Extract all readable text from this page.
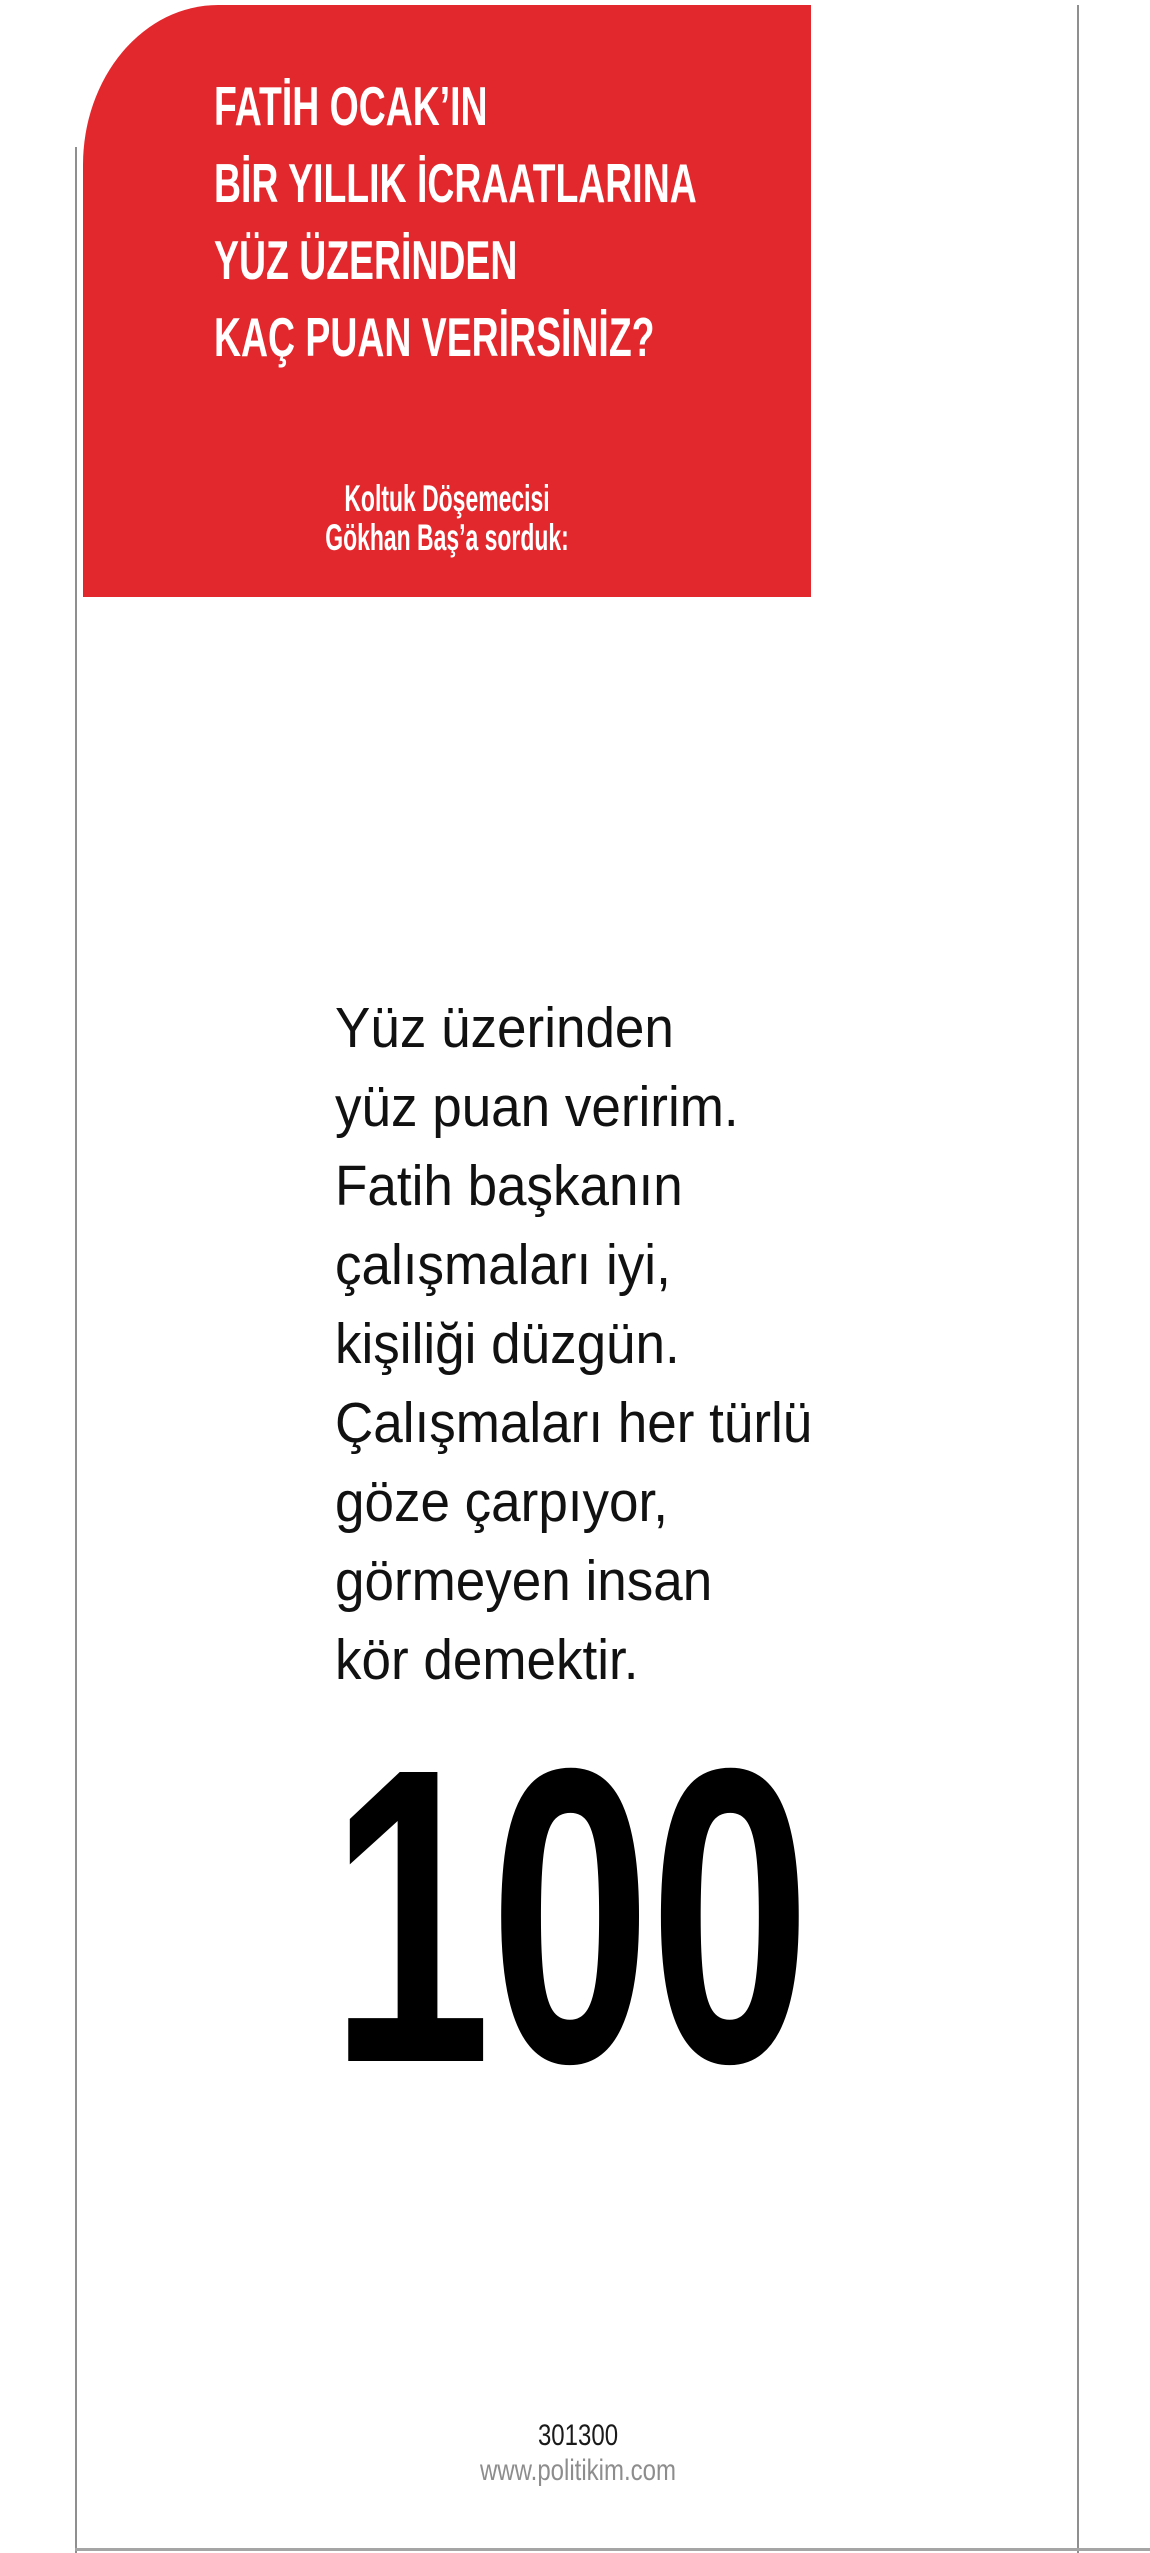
FATİH OCAK’IN
BİR YILLIK İCRAATLARINA
YÜZ ÜZERİNDEN
KAÇ PUAN VERİRSİNİZ?
Koltuk Döşemecisi
Gökhan Baş’a sorduk:
Yüz üzerinden
yüz puan veririm.
Fatih başkanın
çalışmaları iyi,
kişiliği düzgün.
Çalışmaları her türlü
göze çarpıyor,
görmeyen insan
kör demektir.
100
301300
www.politikim.com
